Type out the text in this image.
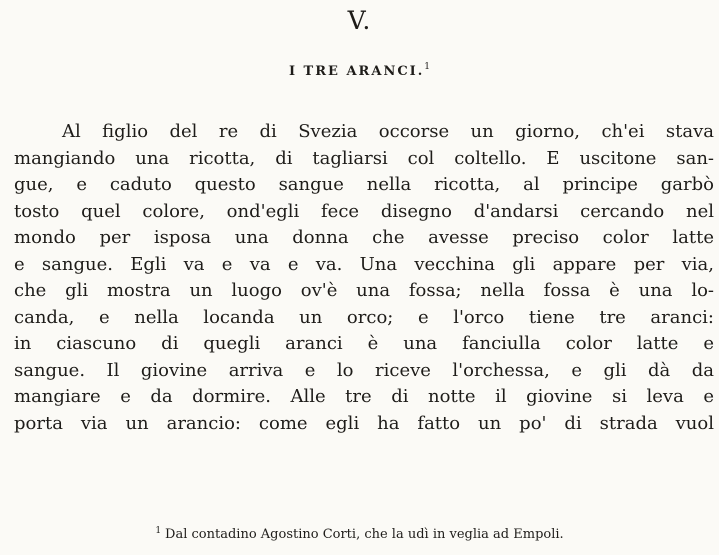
V.
I TRE ARANCI.$^1$

Al figlio del re di Svezia occorse un giorno, ch'ei stava
mangiando una ricotta, di tagliarsi col coltello. E uscitone san-
gue, e caduto questo sangue nella ricotta, al principe garbò
tosto quel colore, ond'egli fece disegno d'andarsi cercando nel
mondo per isposa una donna che avesse preciso color latte
e sangue. Egli va e va e va. Una vecchina gli appare per via,
che gli mostra un luogo ov'è una fossa; nella fossa è una lo-
canda, e nella locanda un orco; e l'orco tiene tre aranci:
in ciascuno di quegli aranci è una fanciulla color latte e
sangue. Il giovine arriva e lo riceve l'orchessa, e gli dà da
mangiare e da dormire. Alle tre di notte il giovine si leva e
porta via un arancio: come egli ha fatto un po' di strada vuol

$^1$ Dal contadino Agostino Corti, che la udì in veglia ad Empoli.
